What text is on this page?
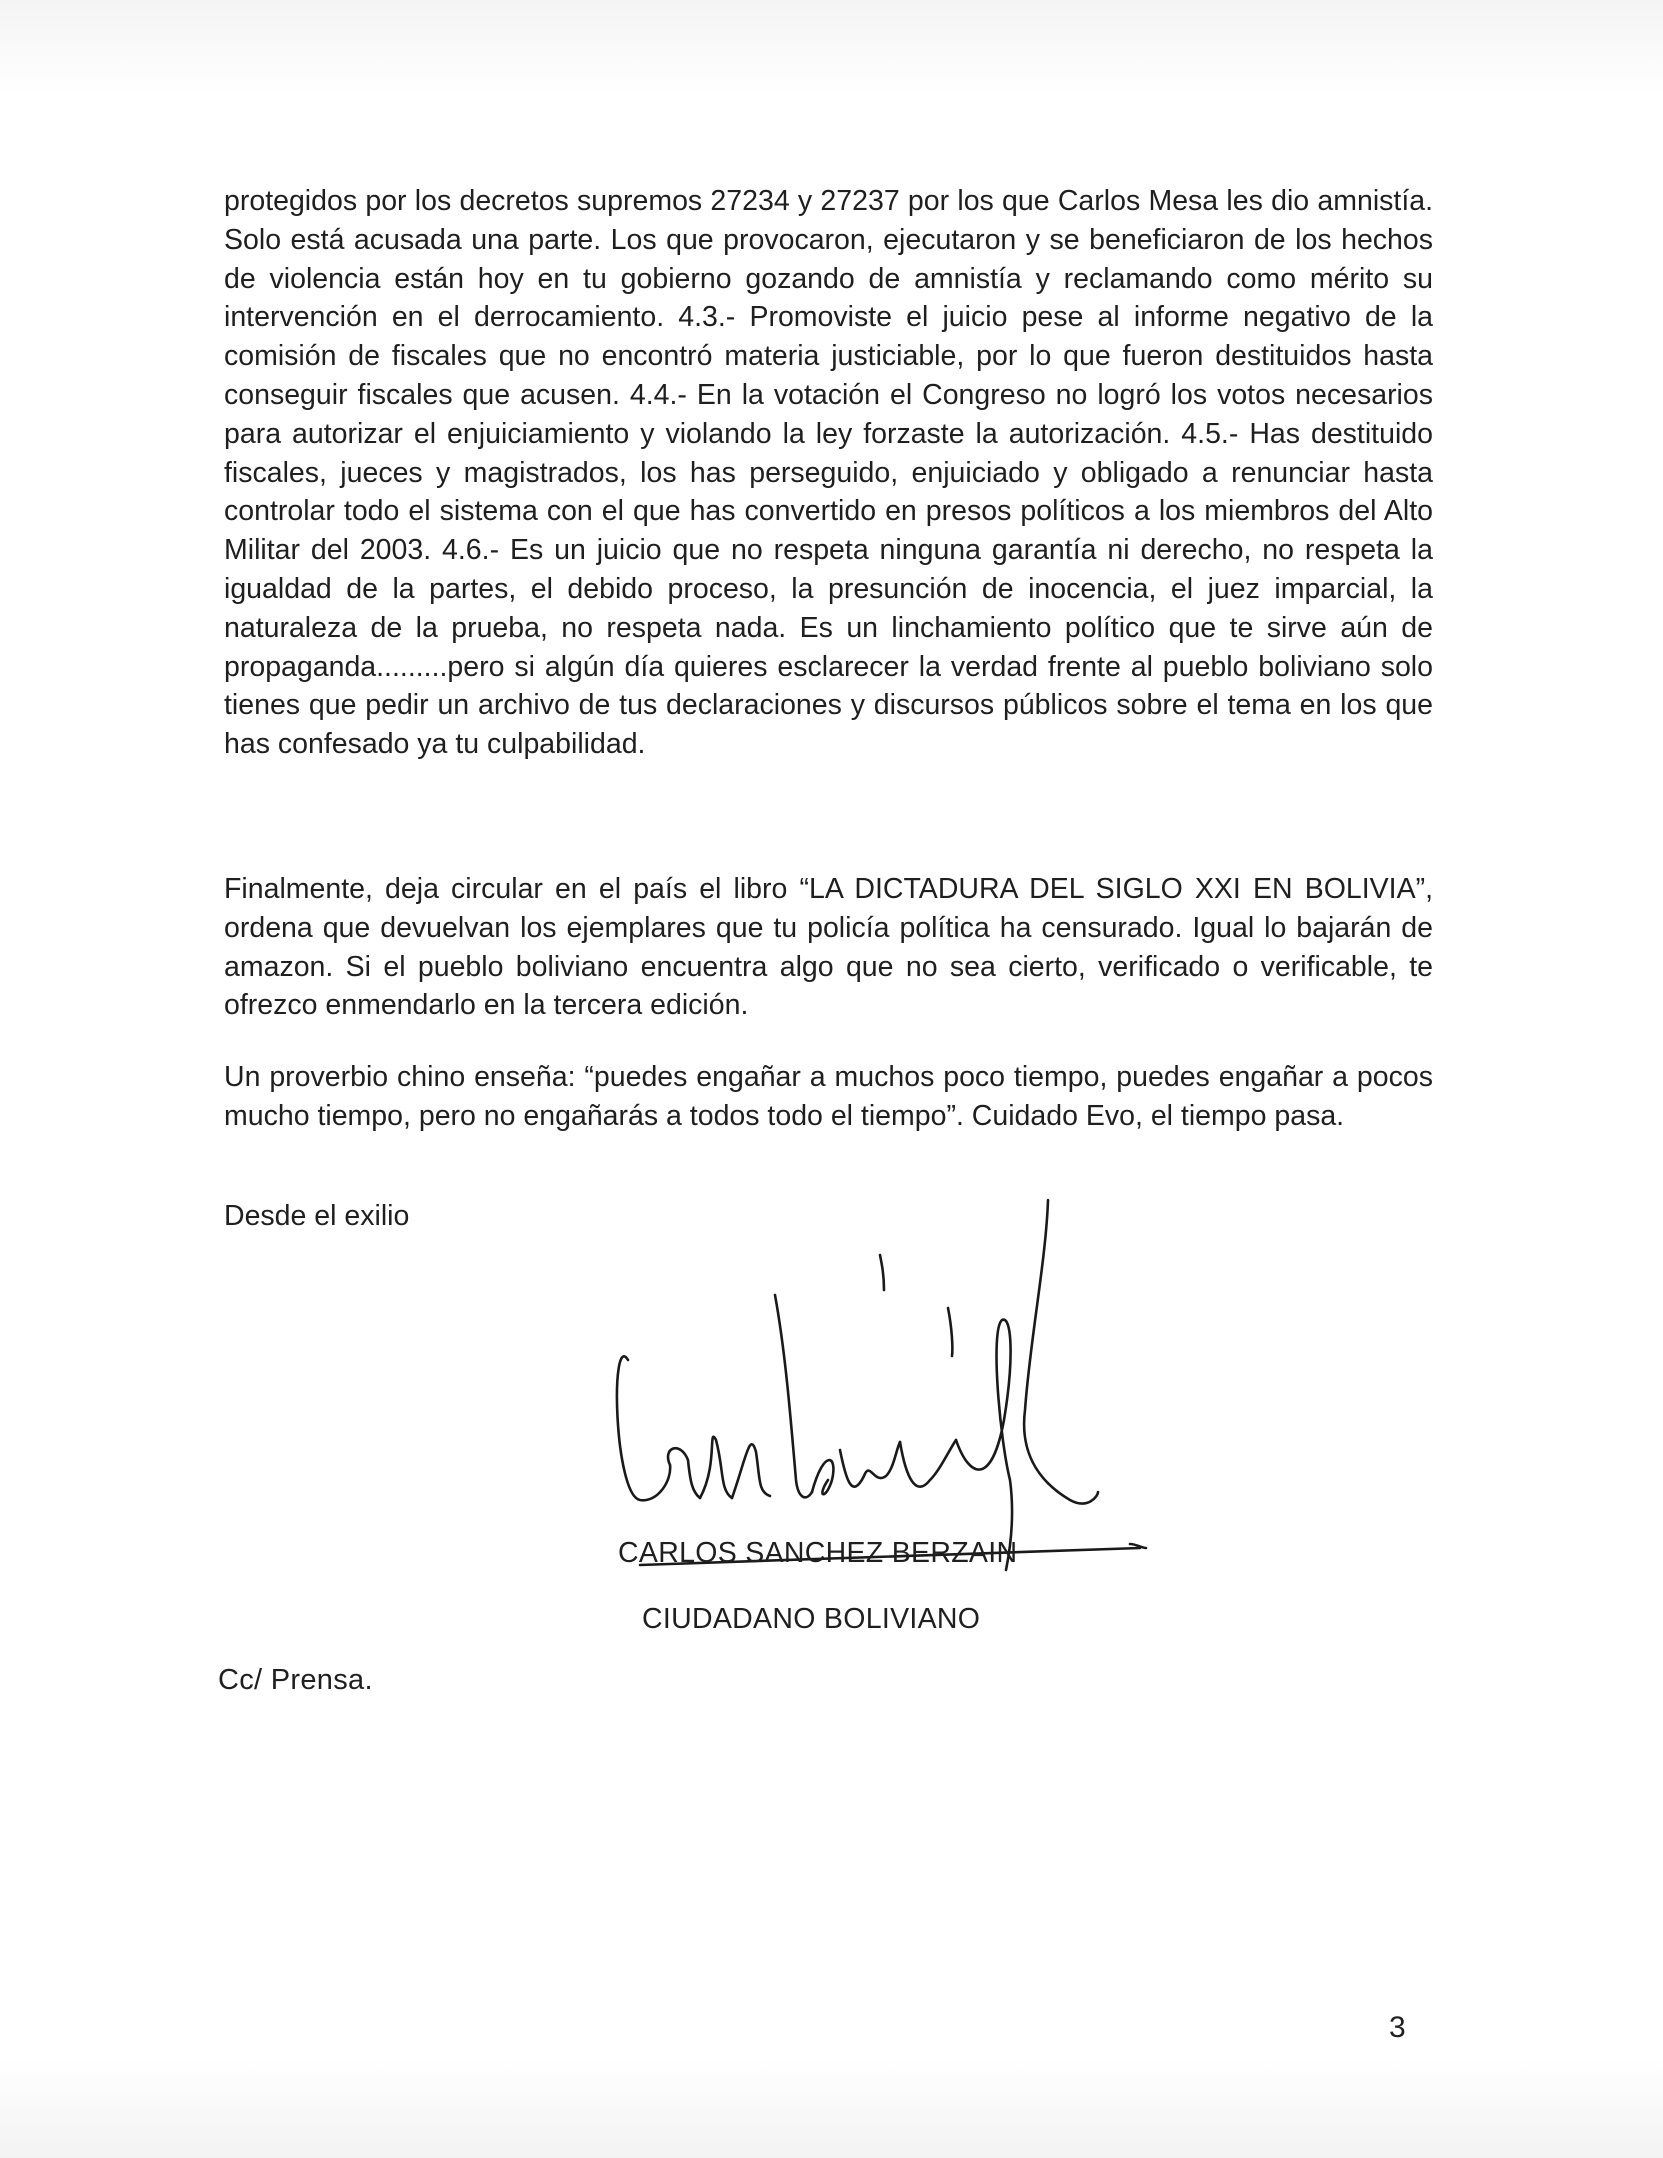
protegidos por los decretos supremos 27234 y 27237 por los que Carlos Mesa les dio amnistía. Solo está acusada una parte. Los que provocaron, ejecutaron y se beneficiaron de los hechos de violencia están hoy en tu gobierno gozando de amnistía y reclamando como mérito su intervención en el derrocamiento. 4.3.- Promoviste el juicio pese al informe negativo de la comisión de fiscales que no encontró materia justiciable, por lo que fueron destituidos hasta conseguir fiscales que acusen. 4.4.- En la votación el Congreso no logró los votos necesarios para autorizar el enjuiciamiento y violando la ley forzaste la autorización. 4.5.- Has destituido fiscales, jueces y magistrados, los has perseguido, enjuiciado y obligado a renunciar hasta controlar todo el sistema con el que has convertido en presos políticos a los miembros del Alto Militar del 2003. 4.6.- Es un juicio que no respeta ninguna garantía ni derecho, no respeta la igualdad de la partes, el debido proceso, la presunción de inocencia, el juez imparcial, la naturaleza de la prueba, no respeta nada. Es un linchamiento político que te sirve aún de propaganda.........pero si algún día quieres esclarecer la verdad frente al pueblo boliviano solo tienes que pedir un archivo de tus declaraciones y discursos públicos sobre el tema en los que has confesado ya tu culpabilidad.

Finalmente, deja circular en el país el libro “LA DICTADURA DEL SIGLO XXI EN BOLIVIA”, ordena que devuelvan los ejemplares que tu policía política ha censurado. Igual lo bajarán de amazon. Si el pueblo boliviano encuentra algo que no sea cierto, verificado o verificable, te ofrezco enmendarlo en la tercera edición.

Un proverbio chino enseña: “puedes engañar a muchos poco tiempo, puedes engañar a pocos mucho tiempo, pero no engañarás a todos todo el tiempo”. Cuidado Evo, el tiempo pasa.

Desde el exilio

CARLOS SANCHEZ BERZAIN
CIUDADANO BOLIVIANO
Cc/ Prensa.
3
